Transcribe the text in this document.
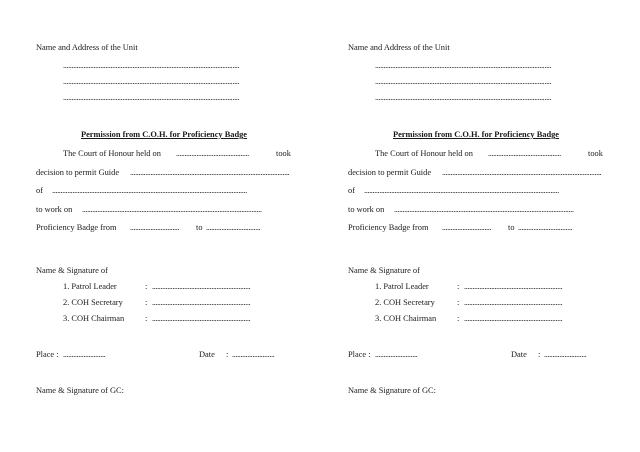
Name and Address of the Unit
........................................................................................................
........................................................................................................
........................................................................................................
Permission from C.O.H. for Proficiency Badge
The Court of Honour held on ...........................................	took
decision to permit Guide ..............................................................................................
of ...................................................................................................................
to work on ..........................................................................................................
Proficiency Badge from ............................. to ................................
Name & Signature of
1. Patrol Leader	: ..........................................................
2. COH Secretary	: ..........................................................
3. COH Chairman : ..........................................................
Place : .........................	Date : .........................
Name & Signature of GC:
Name and Address of the Unit
........................................................................................................
........................................................................................................
........................................................................................................
Permission from C.O.H. for Proficiency Badge
The Court of Honour held on ...........................................	took
decision to permit Guide ..............................................................................................
of ...................................................................................................................
to work on ..........................................................................................................
Proficiency Badge from ............................. to ................................
Name & Signature of
1. Patrol Leader	: ..........................................................
2. COH Secretary	: ..........................................................
3. COH Chairman : ..........................................................
Place : .........................	Date : .........................
Name & Signature of GC:
